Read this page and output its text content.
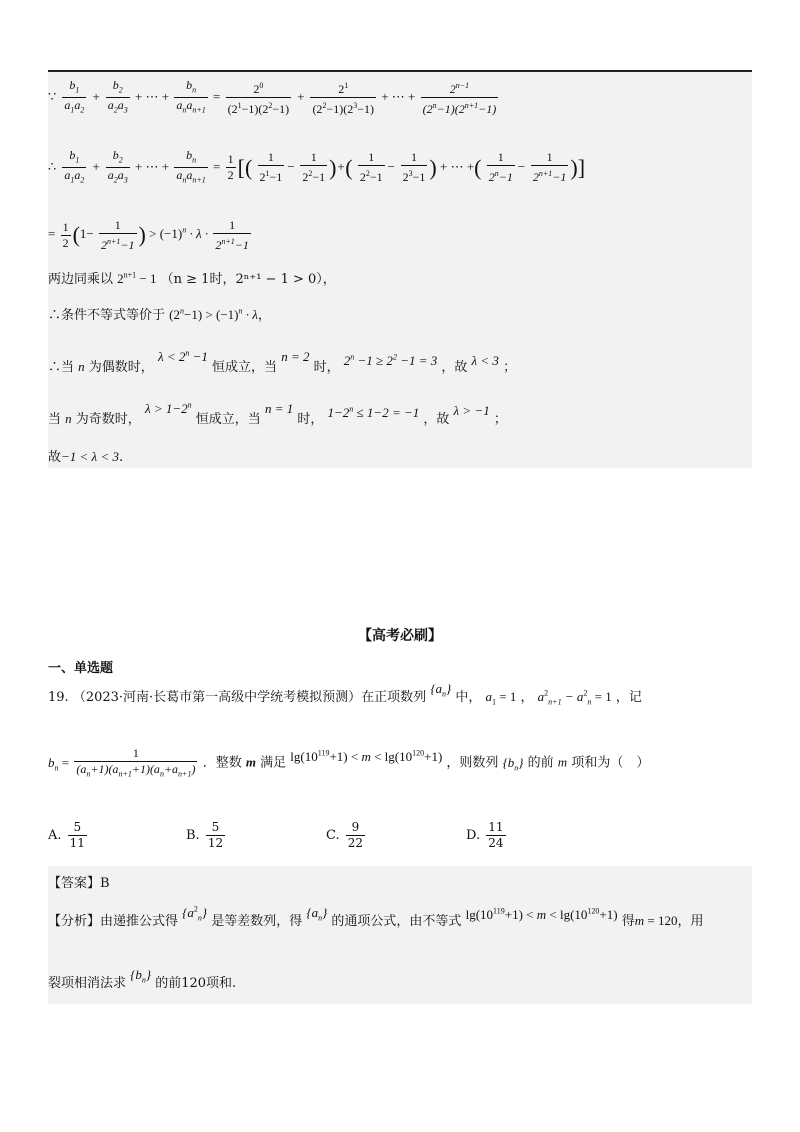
∵ $\frac{b_1}{a_1a_2} + \frac{b_2}{a_2a_3}$ + ⋯ + $\frac{b_n}{a_na_{n+1}} = \frac{2^0}{(2^1-1)(2^2-1)} + \frac{2^1}{(2^2-1)(2^3-1)}$ + ⋯ + $\frac{2^{n-1}}{(2^n-1)(2^{n+1}-1)}$
∴ $\frac{b_1}{a_1a_2} + \frac{b_2}{a_2a_3}$ + ⋯ + $\frac{b_n}{a_na_{n+1}} = \frac{1}{2}$ [( $\frac{1}{2^1-1} - \frac{1}{2^2-1}$ )+( $\frac{1}{2^2-1} - \frac{1}{2^3-1}$ ) + ⋯ +( $\frac{1}{2^n-1} - \frac{1}{2^{n+1}-1}$ )]
= $\frac{1}{2} (1- \frac{1}{2^{n+1}-1}$ ) > $(-1)^n \cdot \lambda \cdot \frac{1}{2^{n+1}-1}$
两边同乘以 $2^{n+1} - 1$ （n ≥ 1时，2ⁿ⁺¹ − 1 > 0），
∴条件不等式等价于 $(2^n-1) > (-1)^n \cdot \lambda$，
∴当 n 为偶数时， $\lambda < 2^n -1$ 恒成立，当 n = 2 时， $2^n -1 \ge 2^2 -1 = 3$ ，故 λ < 3 ；
当 n 为奇数时， $\lambda > 1-2^n$ 恒成立，当 n = 1 时， $1-2^n \le 1-2 = -1$ ，故 λ > −1 ；
故−1 < λ < 3.
【高考必刷】
一、单选题
19. （2023·河南·长葛市第一高级中学统考模拟预测）在正项数列 $\{a_n\}$ 中， $a_1 = 1$ ， $a^2_{n+1} - a^2_n = 1$ ，记
$b_n = \frac{1}{(a_n+1)(a_{n+1}+1)(a_n+a_{n+1})}$ ．整数 m 满足 $\lg(10^{119}+1) < m < \lg(10^{120}+1)$ ，则数列 $\{b_n\}$ 的前 m 项和为（　）
A. $\frac{5}{11}$	B. $\frac{5}{12}$	C. $\frac{9}{22}$	D. $\frac{11}{24}$
【答案】B
【分析】由递推公式得 $\{a^2_n\}$ 是等差数列，得 $\{a_n\}$ 的通项公式，由不等式 $\lg(10^{119}+1) < m < \lg(10^{120}+1)$ 得m = 120，用
裂项相消法求 $\{b_n\}$ 的前120项和.
